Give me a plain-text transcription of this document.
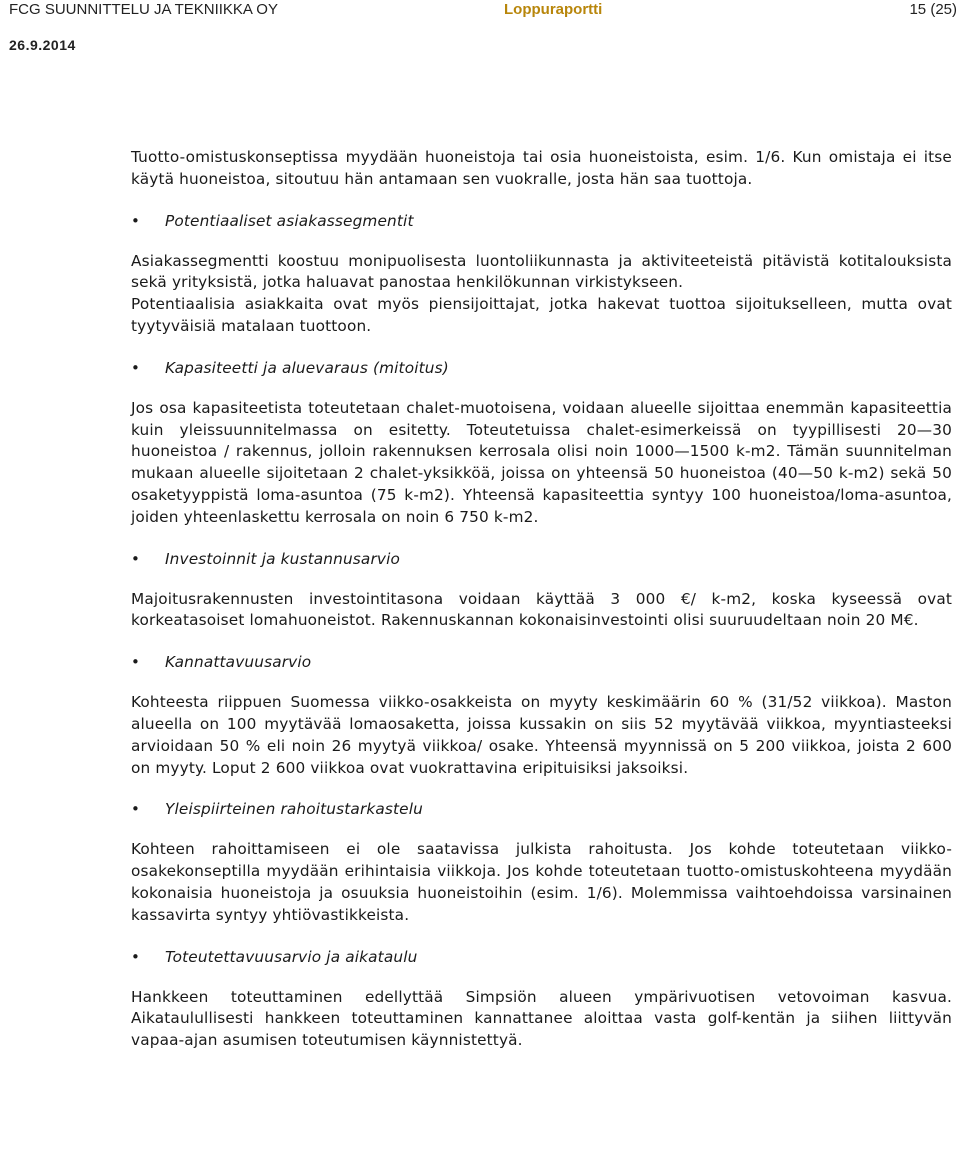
FCG SUUNNITTELU JA TEKNIIKKA OY	Loppuraportti	15 (25)
26.9.2014

Tuotto-omistuskonseptissa myydään huoneistoja tai osia huoneistoista, esim. 1/6. Kun omistaja ei itse käytä huoneistoa, sitoutuu hän antamaan sen vuokralle, josta hän saa tuottoja.

• Potentiaaliset asiakassegmentit

Asiakassegmentti koostuu monipuolisesta luontoliikunnasta ja aktiviteeteistä pitävistä kotitalouksista sekä yrityksistä, jotka haluavat panostaa henkilökunnan virkistykseen.

Potentiaalisia asiakkaita ovat myös piensijoittajat, jotka hakevat tuottoa sijoitukselleen, mutta ovat tyytyväisiä matalaan tuottoon.

• Kapasiteetti ja aluevaraus (mitoitus)

Jos osa kapasiteetista toteutetaan chalet-muotoisena, voidaan alueelle sijoittaa enemmän kapasiteettia kuin yleissuunnitelmassa on esitetty. Toteutetuissa chalet-esimerkeissä on tyypillisesti 20—30 huoneistoa / rakennus, jolloin rakennuksen kerrosala olisi noin 1000—1500 k-m2. Tämän suunnitelman mukaan alueelle sijoitetaan 2 chalet-yksikköä, joissa on yhteensä 50 huoneistoa (40—50 k-m2) sekä 50 osaketyyppistä loma-asuntoa (75 k-m2). Yhteensä kapasiteettia syntyy 100 huoneistoa/loma-asuntoa, joiden yhteenlaskettu kerrosala on noin 6 750 k-m2.

• Investoinnit ja kustannusarvio

Majoitusrakennusten investointitasona voidaan käyttää 3 000 €/ k-m2, koska kyseessä ovat korkeatasoiset lomahuoneistot. Rakennuskannan kokonaisinvestointi olisi suuruudeltaan noin 20 M€.

• Kannattavuusarvio

Kohteesta riippuen Suomessa viikko-osakkeista on myyty keskimäärin 60 % (31/52 viikkoa). Maston alueella on 100 myytävää lomaosaketta, joissa kussakin on siis 52 myytävää viikkoa, myyntiasteeksi arvioidaan 50 % eli noin 26 myytyä viikkoa/ osake. Yhteensä myynnissä on 5 200 viikkoa, joista 2 600 on myyty. Loput 2 600 viikkoa ovat vuokrattavina eripituisiksi jaksoiksi.

• Yleispiirteinen rahoitustarkastelu

Kohteen rahoittamiseen ei ole saatavissa julkista rahoitusta. Jos kohde toteutetaan viikko-osakekonseptilla myydään erihintaisia viikkoja. Jos kohde toteutetaan tuotto-omistuskohteena myydään kokonaisia huoneistoja ja osuuksia huoneistoihin (esim. 1/6). Molemmissa vaihtoehdoissa varsinainen kassavirta syntyy yhtiövastikkeista.

• Toteutettavuusarvio ja aikataulu

Hankkeen toteuttaminen edellyttää Simpsiön alueen ympärivuotisen vetovoiman kasvua. Aikataulullisesti hankkeen toteuttaminen kannattanee aloittaa vasta golf-kentän ja siihen liittyvän vapaa-ajan asumisen toteutumisen käynnistettyä.
